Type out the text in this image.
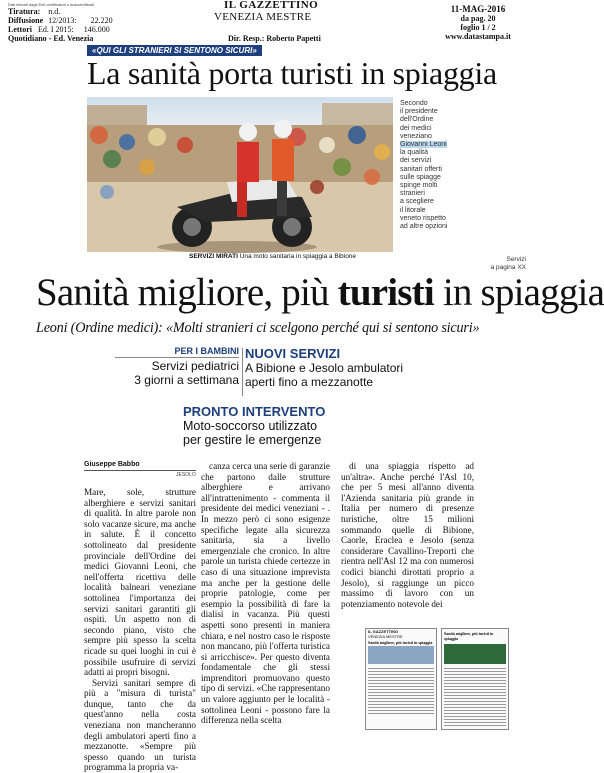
Dati rilevati dagli Enti certificatori o autocertificati
Tiratura: n.d.
Diffusione 12/2013: 22.220
Lettori Ed. I 2015: 146.000
Quotidiano - Ed. Venezia
IL GAZZETTINO
VENEZIA MESTRE
Dir. Resp.: Roberto Papetti
11-MAG-2016
da pag. 20
foglio 1 / 2
www.datastampa.it
«QUI GLI STRANIERI SI SENTONO SICURI»
La sanità porta turisti in spiaggia
SERVIZI MIRATI Una moto sanitaria in spiaggia a Bibione
Secondo
il presidente
dell'Ordine
dei medici
veneziano
Giovanni Leoni
la qualità
dei servizi
sanitari offerti
sulle spiagge
spinge molti
stranieri
a scegliere
il litorale
veneto rispetto
ad altre opzioni
Servizi
a pagina XX
Sanità migliore, più turisti in spiaggia
Leoni (Ordine medici): «Molti stranieri ci scelgono perché qui si sentono sicuri»
PER I BAMBINI
Servizi pediatrici
3 giorni a settimana
NUOVI SERVIZI
A Bibione e Jesolo ambulatori
aperti fino a mezzanotte
PRONTO INTERVENTO
Moto-soccorso utilizzato
per gestire le emergenze
Giuseppe Babbo
JESOLO

Mare, sole, strutture alberghiere e servizi sanitari di qualità. In altre parole non solo vacanze sicure, ma anche in salute. È il concetto sottolineato dal presidente provinciale dell'Ordine dei medici Giovanni Leoni, che nell'offerta ricettiva delle località balneari veneziane sottolinea l'importanza dei servizi sanitari garantiti gli ospiti. Un aspetto non di secondo piano, visto che sempre più spesso la scelta ricade su quei luoghi in cui è possibile usufruire di servizi adatti ai propri bisogni.

Servizi sanitari sempre di più a "misura di turista" dunque, tanto che da quest'anno nella costa veneziana non mancheranno degli ambulatori aperti fino a mezzanotte. «Sempre più spesso quando un turista programma la propria va-

canza cerca una serie di garanzie che partono dalle strutture alberghiere e arrivano all'intrattenimento - commenta il presidente dei medici veneziani - . In mezzo però ci sono esigenze specifiche legate alla sicurezza sanitaria, sia a livello emergenziale che cronico. In altre parole un turista chiede certezze in caso di una situazione imprevista ma anche per la gestione delle proprie patologie, come per esempio la possibilità di fare la dialisi in vacanza. Più questi aspetti sono presenti in maniera chiara, e nel nostro caso le risposte non mancano, più l'offerta turistica si arricchisce». Per questo diventa fondamentale che gli stessi imprenditori promuovano questo tipo di servizi. «Che rappresentano un valore aggiunto per le località - sottolinea Leoni - possono fare la differenza nella scelta

di una spiaggia rispetto ad un'altra». Anche perché l'Asl 10, che per 5 mesi all'anno diventa l'Azienda sanitaria più grande in Italia per numero di presenze turistiche, oltre 15 milioni sommando quelle di Bibione, Caorle, Eraclea e Jesolo (senza considerare Cavallino-Treporti che rientra nell'Asl 12 ma con numerosi codici bianchi dirottati proprio a Jesolo), si raggiunge un picco massimo di lavoro con un potenziamento notevole dei

IL GAZZETTINO
VENEZIA MESTRE
Sanità migliore, più turisti in spiaggia
Sanità migliore, più turisti in spiaggia
